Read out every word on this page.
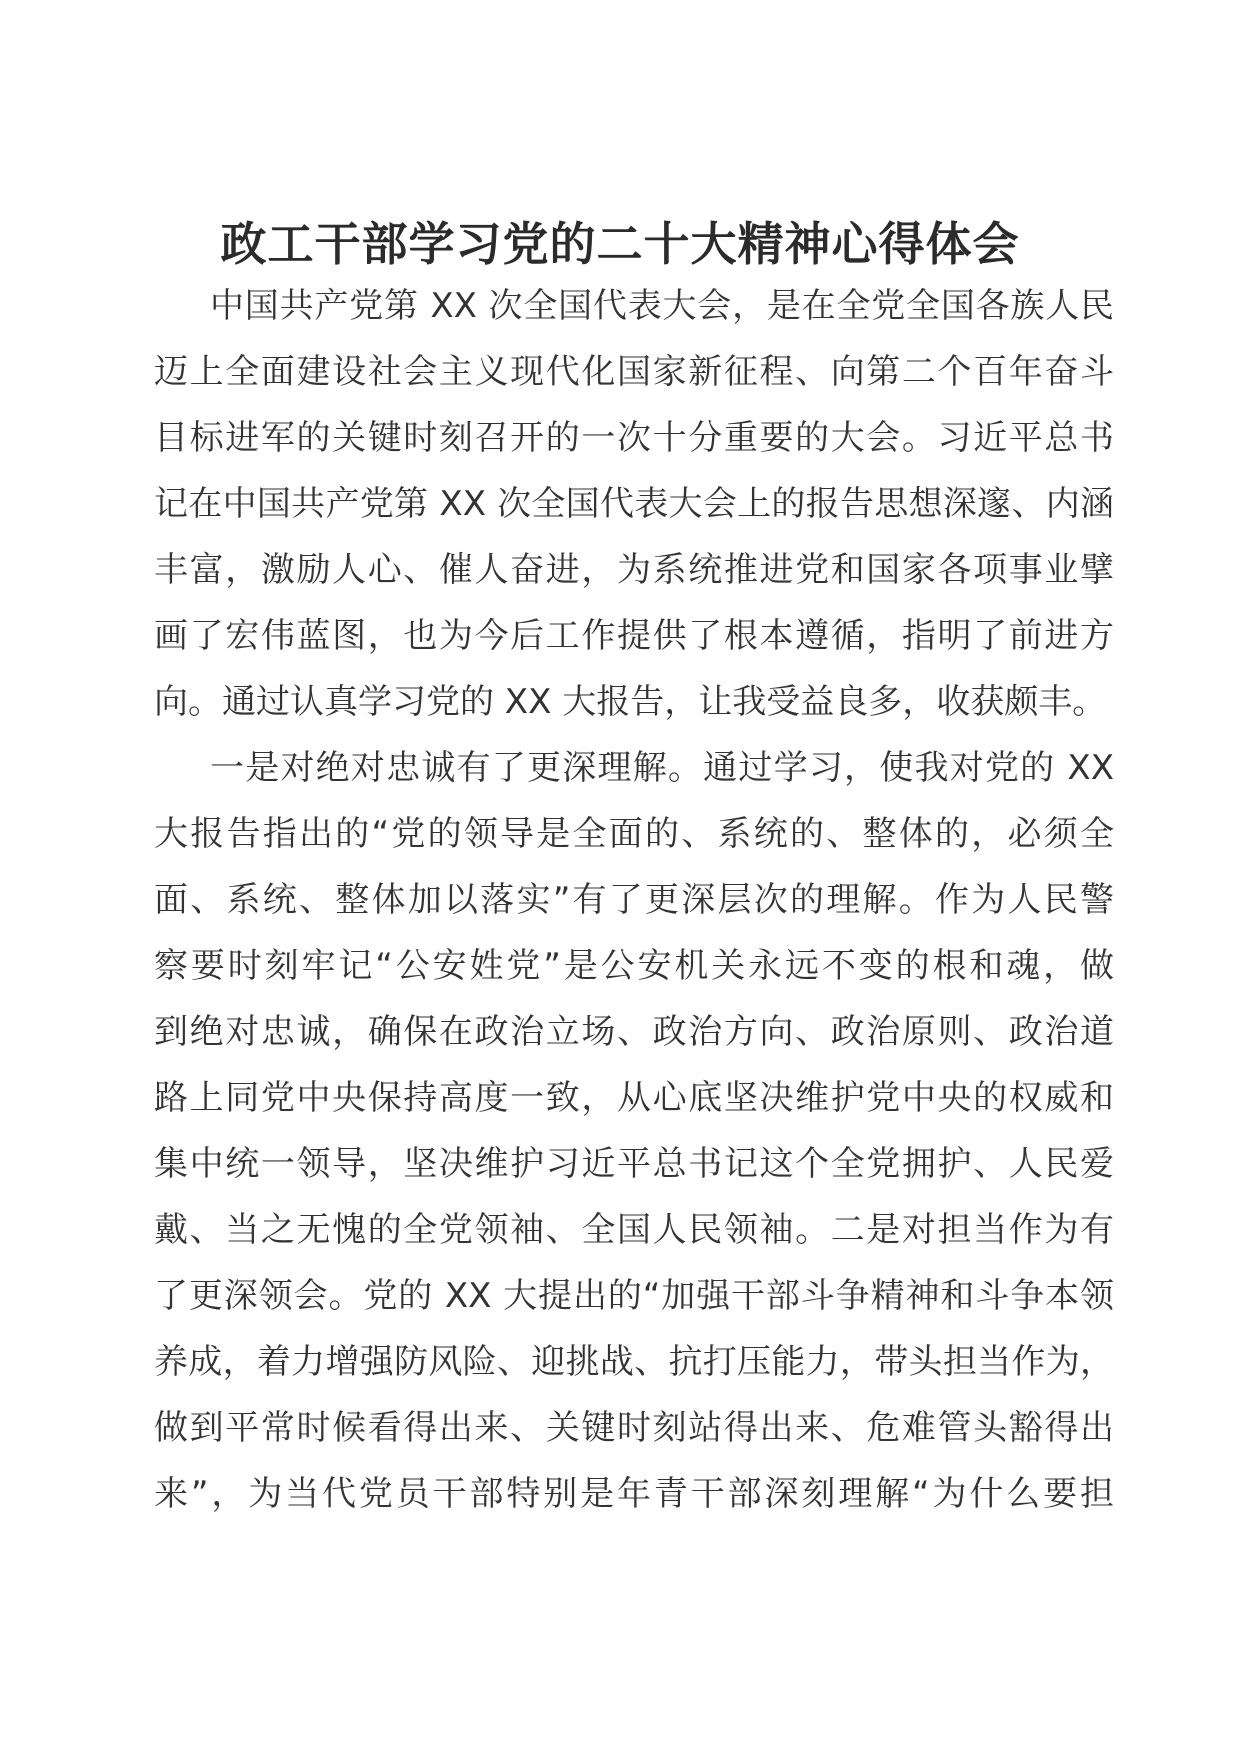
政工干部学习党的二十大精神心得体会
中国共产党第 XX 次全国代表大会，是在全党全国各族人民
迈上全面建设社会主义现代化国家新征程、向第二个百年奋斗
目标进军的关键时刻召开的一次十分重要的大会。习近平总书
记在中国共产党第 XX 次全国代表大会上的报告思想深邃、内涵
丰富，激励人心、催人奋进，为系统推进党和国家各项事业擘
画了宏伟蓝图，也为今后工作提供了根本遵循，指明了前进方
向。通过认真学习党的 XX 大报告，让我受益良多，收获颇丰。
一是对绝对忠诚有了更深理解。通过学习，使我对党的 XX
大报告指出的“党的领导是全面的、系统的、整体的，必须全
面、系统、整体加以落实”有了更深层次的理解。作为人民警
察要时刻牢记“公安姓党”是公安机关永远不变的根和魂，做
到绝对忠诚，确保在政治立场、政治方向、政治原则、政治道
路上同党中央保持高度一致，从心底坚决维护党中央的权威和
集中统一领导，坚决维护习近平总书记这个全党拥护、人民爱
戴、当之无愧的全党领袖、全国人民领袖。二是对担当作为有
了更深领会。党的 XX 大提出的“加强干部斗争精神和斗争本领
养成，着力增强防风险、迎挑战、抗打压能力，带头担当作为，
做到平常时候看得出来、关键时刻站得出来、危难管头豁得出
来”，为当代党员干部特别是年青干部深刻理解“为什么要担
